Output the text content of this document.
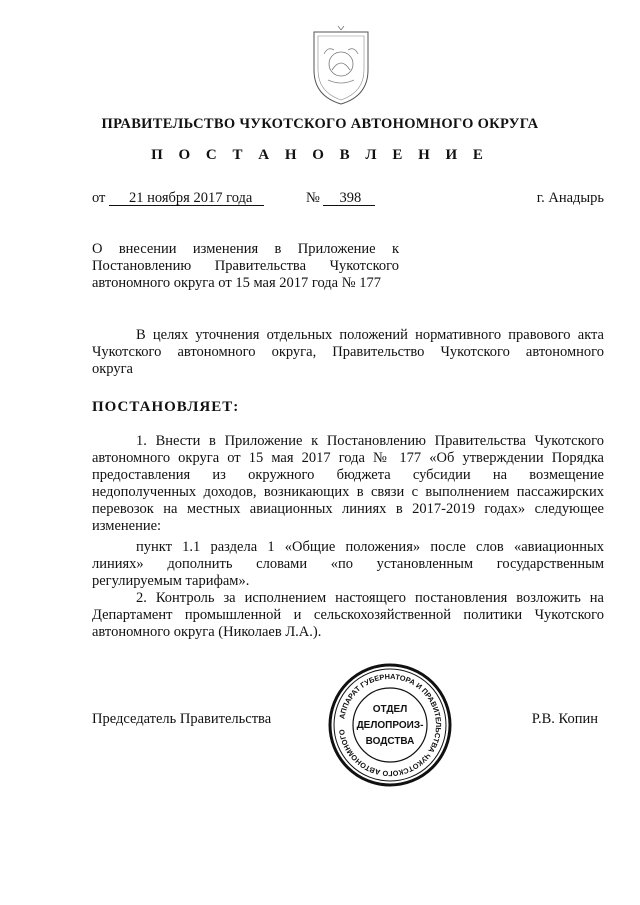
ПРАВИТЕЛЬСТВО ЧУКОТСКОГО АВТОНОМНОГО ОКРУГА
П О С Т А Н О В Л Е Н И Е
от 21 ноября 2017 года	№ 398	г. Анадырь
О внесении изменения в Приложение к
Постановлению Правительства Чукотского
автономного округа от 15 мая 2017 года № 177
В целях уточнения отдельных положений нормативного правового акта
Чукотского автономного округа, Правительство Чукотского автономного
округа
ПОСТАНОВЛЯЕТ:
1. Внести в Приложение к Постановлению Правительства Чукотского
автономного округа от 15 мая 2017 года № 177 «Об утверждении Порядка
предоставления из окружного бюджета субсидии на возмещение
недополученных доходов, возникающих в связи с выполнением пассажирских
перевозок на местных авиационных линиях в 2017-2019 годах» следующее
изменение:
пункт 1.1 раздела 1 «Общие положения» после слов «авиационных
линиях» дополнить словами «по установленным государственным
регулируемым тарифам».
2. Контроль за исполнением настоящего постановления возложить на
Департамент промышленной и сельскохозяйственной политики Чукотского
автономного округа (Николаев Л.А.).
АППАРАТ ГУБЕРНАТОРА И ПРАВИТЕЛЬСТВА ЧУКОТСКОГО АВТОНОМНОГО
ОТДЕЛ
ДЕЛОПРОИЗ-
ВОДСТВА
Председатель Правительства	Р.В. Копин
